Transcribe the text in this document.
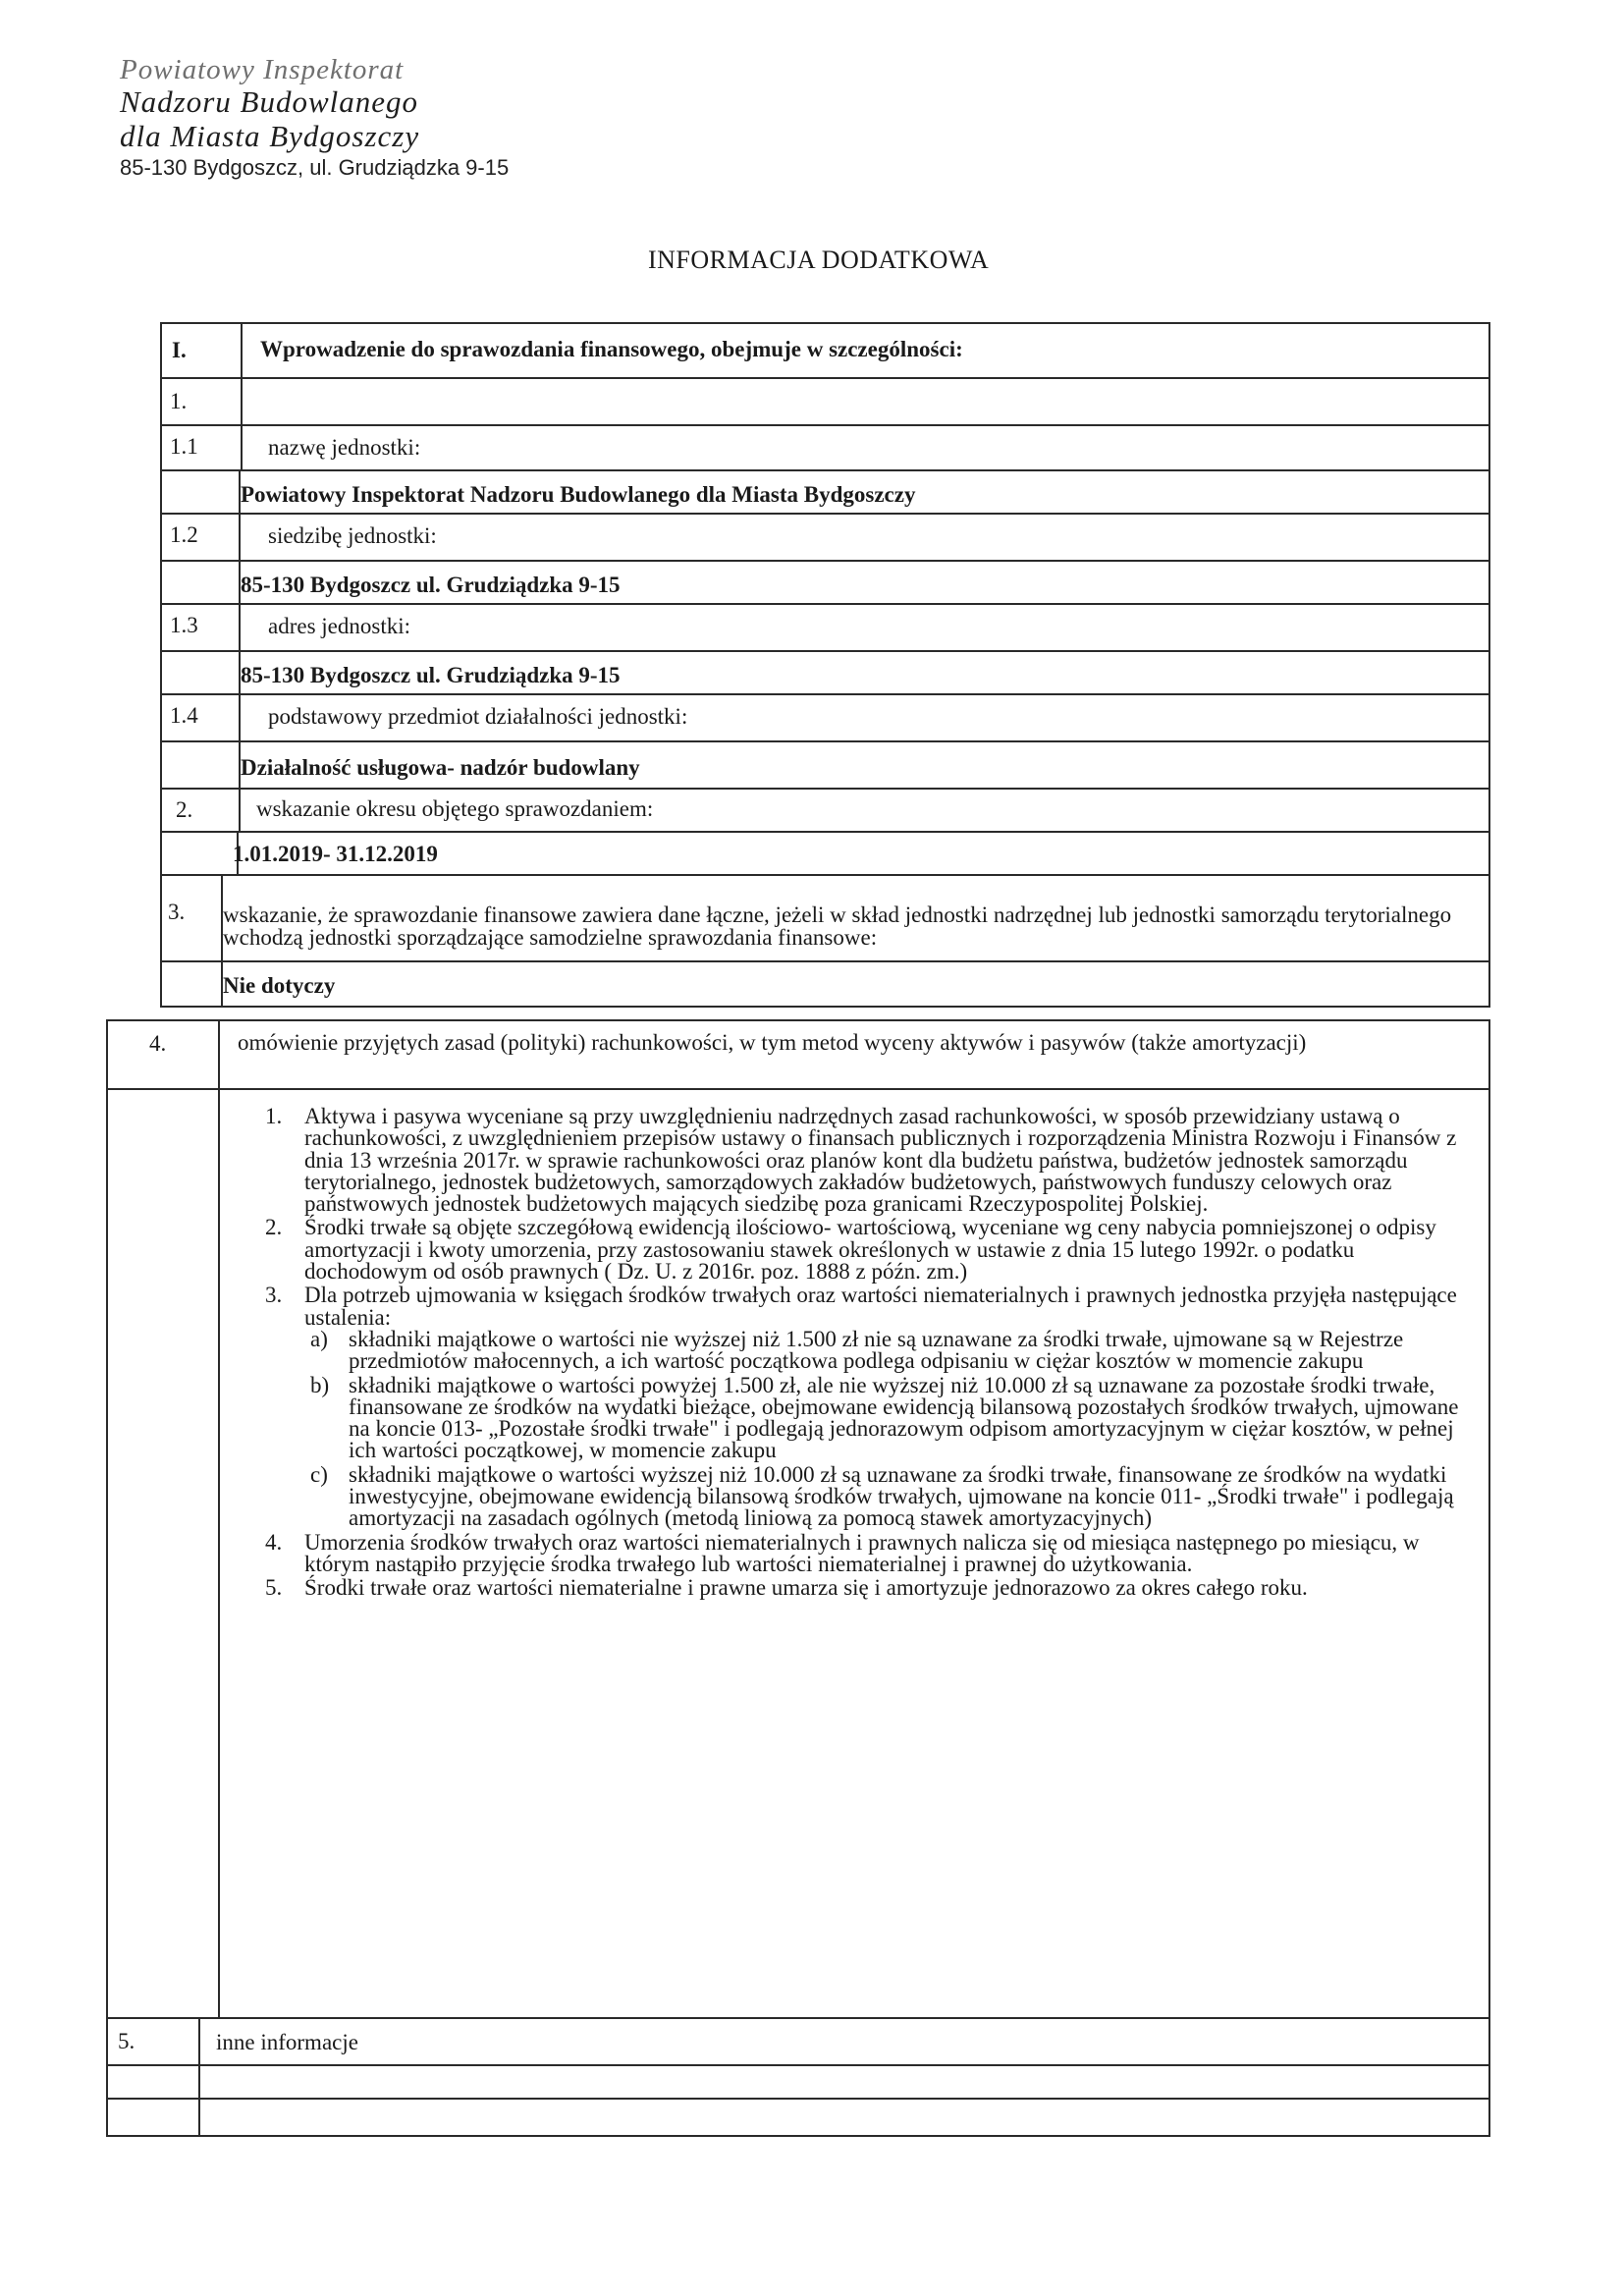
Powiatowy Inspektorat
Nadzoru Budowlanego
dla Miasta Bydgoszczy
85-130 Bydgoszcz, ul. Grudziądzka 9-15
INFORMACJA DODATKOWA
I.	Wprowadzenie do sprawozdania finansowego, obejmuje w szczególności:
1.
1.1	nazwę jednostki:
Powiatowy Inspektorat Nadzoru Budowlanego dla Miasta Bydgoszczy
1.2	siedzibę jednostki:
85-130 Bydgoszcz ul. Grudziądzka 9-15
1.3	adres jednostki:
85-130 Bydgoszcz ul. Grudziądzka 9-15
1.4	podstawowy przedmiot działalności jednostki:
Działalność usługowa- nadzór budowlany
2.	wskazanie okresu objętego sprawozdaniem:
1.01.2019- 31.12.2019
3. wskazanie, że sprawozdanie finansowe zawiera dane łączne, jeżeli w skład jednostki nadrzędnej lub jednostki samorządu terytorialnego wchodzą jednostki sporządzające samodzielne sprawozdania finansowe:
Nie dotyczy
4.	omówienie przyjętych zasad (polityki) rachunkowości, w tym metod wyceny aktywów i pasywów (także amortyzacji)
1. Aktywa i pasywa wyceniane są przy uwzględnieniu nadrzędnych zasad rachunkowości, w sposób przewidziany ustawą o rachunkowości, z uwzględnieniem przepisów ustawy o finansach publicznych i rozporządzenia Ministra Rozwoju i Finansów z dnia 13 września 2017r. w sprawie rachunkowości oraz planów kont dla budżetu państwa, budżetów jednostek samorządu terytorialnego, jednostek budżetowych, samorządowych zakładów budżetowych, państwowych funduszy celowych oraz państwowych jednostek budżetowych mających siedzibę poza granicami Rzeczypospolitej Polskiej.
2. Środki trwałe są objęte szczegółową ewidencją ilościowo- wartościową, wyceniane wg ceny nabycia pomniejszonej o odpisy amortyzacji i kwoty umorzenia, przy zastosowaniu stawek określonych w ustawie z dnia 15 lutego 1992r. o podatku dochodowym od osób prawnych ( Dz. U. z 2016r. poz. 1888 z późn. zm.)
3. Dla potrzeb ujmowania w księgach środków trwałych oraz wartości niematerialnych i prawnych jednostka przyjęła następujące ustalenia:
a) składniki majątkowe o wartości nie wyższej niż 1.500 zł nie są uznawane za środki trwałe, ujmowane są w Rejestrze przedmiotów małocennych, a ich wartość początkowa podlega odpisaniu w ciężar kosztów w momencie zakupu
b) składniki majątkowe o wartości powyżej 1.500 zł, ale nie wyższej niż 10.000 zł są uznawane za pozostałe środki trwałe, finansowane ze środków na wydatki bieżące, obejmowane ewidencją bilansową pozostałych środków trwałych, ujmowane na koncie 013- „Pozostałe środki trwałe" i podlegają jednorazowym odpisom amortyzacyjnym w ciężar kosztów, w pełnej ich wartości początkowej, w momencie zakupu
c) składniki majątkowe o wartości wyższej niż 10.000 zł są uznawane za środki trwałe, finansowane ze środków na wydatki inwestycyjne, obejmowane ewidencją bilansową środków trwałych, ujmowane na koncie 011- „Środki trwałe" i podlegają amortyzacji na zasadach ogólnych (metodą liniową za pomocą stawek amortyzacyjnych)
4. Umorzenia środków trwałych oraz wartości niematerialnych i prawnych nalicza się od miesiąca następnego po miesiącu, w którym nastąpiło przyjęcie środka trwałego lub wartości niematerialnej i prawnej do użytkowania.
5. Środki trwałe oraz wartości niematerialne i prawne umarza się i amortyzuje jednorazowo za okres całego roku.
5.	inne informacje
